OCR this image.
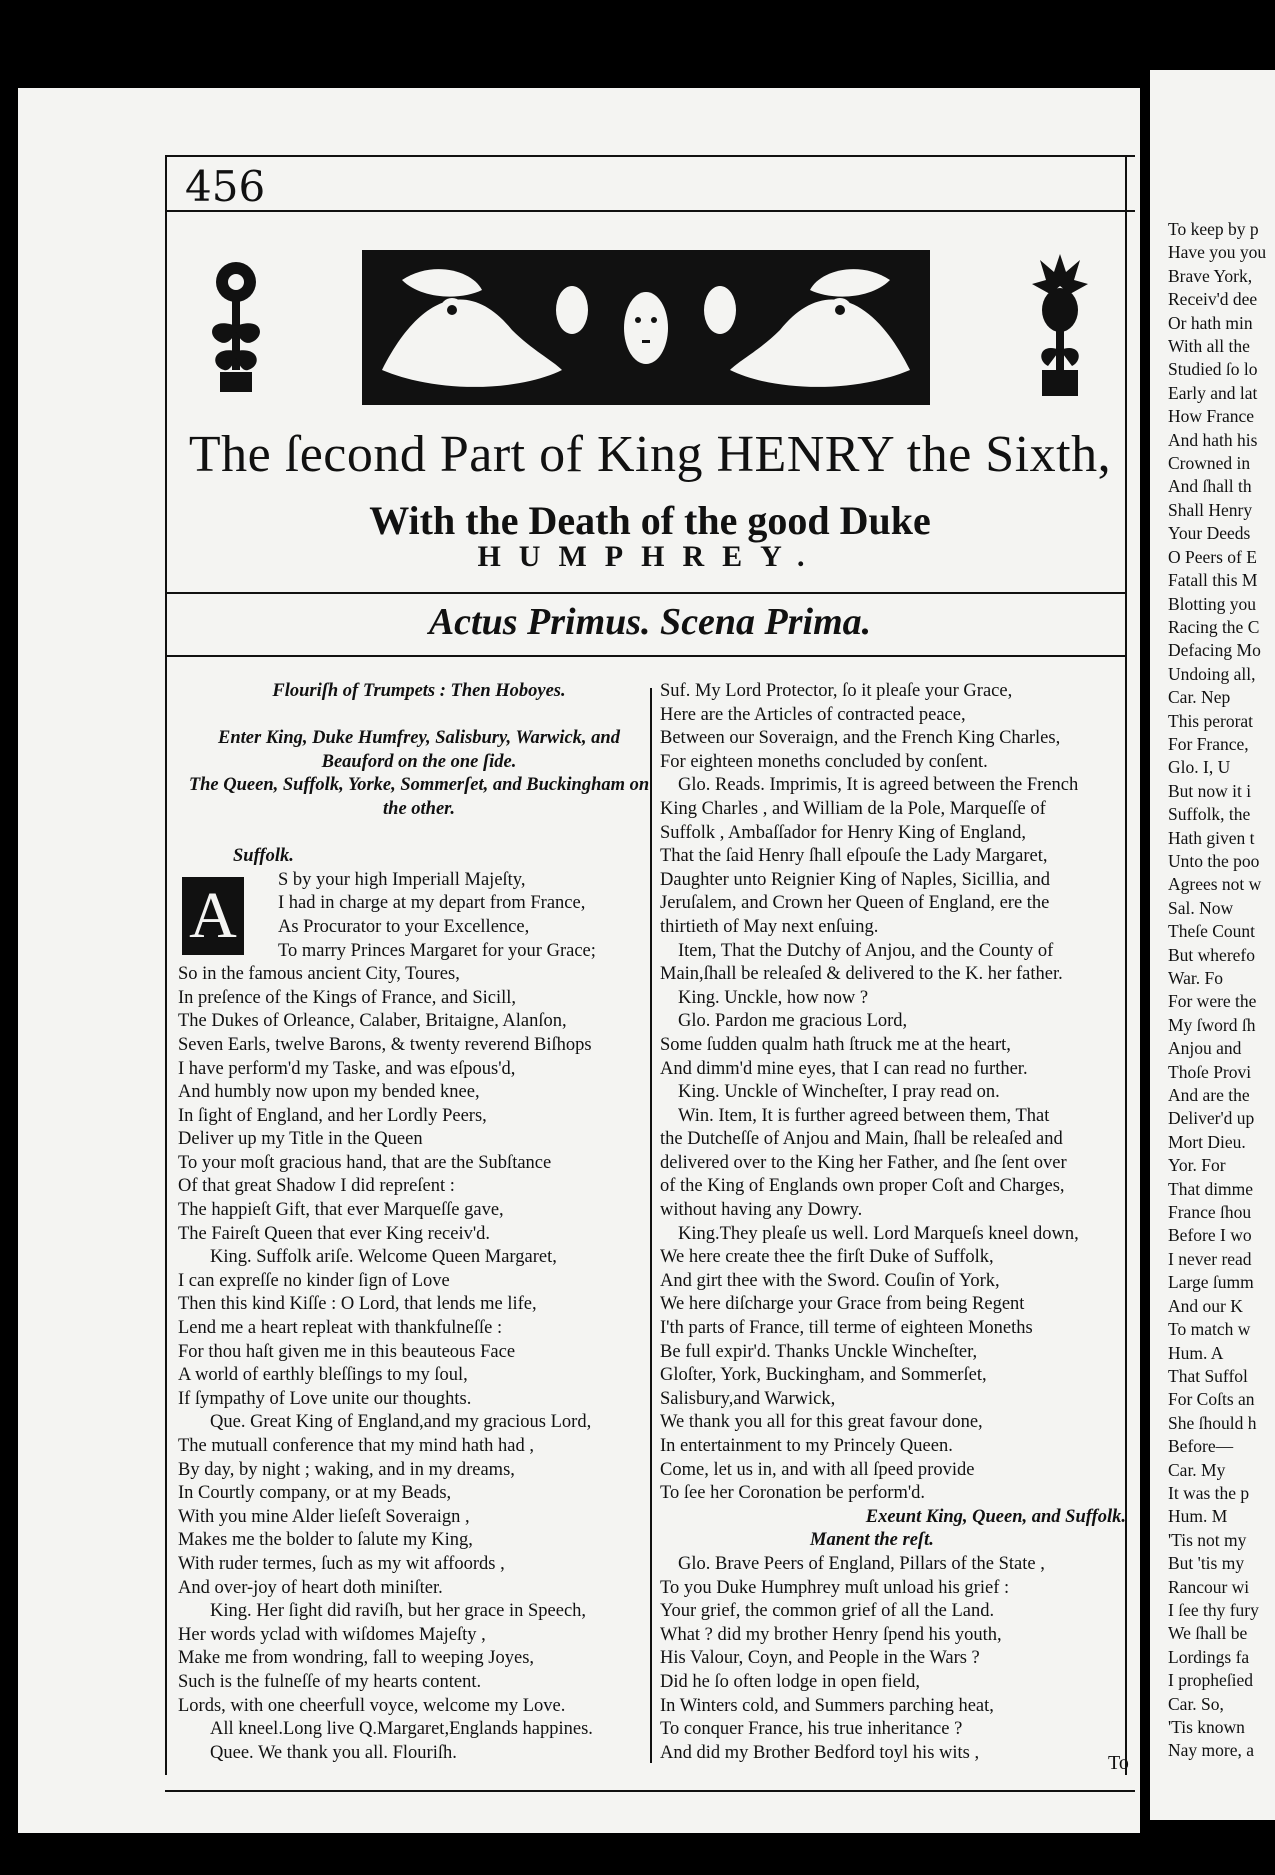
456
The ſecond Part of King HENRY the Sixth,
With the Death of the good Duke
HUMPHREY.
Actus Primus. Scena Prima.
Flouriſh of Trumpets : Then Hoboyes.

Enter King, Duke Humfrey, Salisbury, Warwick, and
Beauford on the one ſide.
The Queen, Suffolk, Yorke, Sommerſet, and Buckingham on the other.

Suffolk.
S by your high Imperiall Majeſty,
I had in charge at my depart from France,
As Procurator to your Excellence,
To marry Princes Margaret for your Grace;
So in the famous ancient City, Toures,
In preſence of the Kings of France, and Sicill,
The Dukes of Orleance, Calaber, Britaigne, Alanſon,
Seven Earls, twelve Barons, & twenty reverend Biſhops
I have perform'd my Taske, and was eſpous'd,
And humbly now upon my bended knee,
In ſight of England, and her Lordly Peers,
Deliver up my Title in the Queen
To your moſt gracious hand, that are the Subſtance
Of that great Shadow I did repreſent :
The happieſt Gift, that ever Marqueſſe gave,
The Faireſt Queen that ever King receiv'd.
King. Suffolk ariſe. Welcome Queen Margaret,
I can expreſſe no kinder ſign of Love
Then this kind Kiſſe : O Lord, that lends me life,
Lend me a heart repleat with thankfulneſſe :
For thou haſt given me in this beauteous Face
A world of earthly bleſſings to my ſoul,
If ſympathy of Love unite our thoughts.
Que. Great King of England,and my gracious Lord,
The mutuall conference that my mind hath had ,
By day, by night ; waking, and in my dreams,
In Courtly company, or at my Beads,
With you mine Alder lieſeſt Soveraign ,
Makes me the bolder to ſalute my King,
With ruder termes, ſuch as my wit affoords ,
And over-joy of heart doth miniſter.
King. Her ſight did raviſh, but her grace in Speech,
Her words yclad with wiſdomes Majeſty ,
Make me from wondring, fall to weeping Joyes,
Such is the fulneſſe of my hearts content.
Lords, with one cheerfull voyce, welcome my Love.
All kneel.Long live Q.Margaret,Englands happines.
Quee. We thank you all. Flouriſh.
A
Suf. My Lord Protector, ſo it pleaſe your Grace,
Here are the Articles of contracted peace,
Between our Soveraign, and the French King Charles,
For eighteen moneths concluded by conſent.
Glo. Reads. Imprimis, It is agreed between the French
King Charles , and William de la Pole, Marqueſſe of
Suffolk , Ambaſſador for Henry King of England,
That the ſaid Henry ſhall eſpouſe the Lady Margaret,
Daughter unto Reignier King of Naples, Sicillia, and
Jeruſalem, and Crown her Queen of England, ere the
thirtieth of May next enſuing.
Item, That the Dutchy of Anjou, and the County of
Main,ſhall be releaſed & delivered to the K. her father.
King. Unckle, how now ?
Glo. Pardon me gracious Lord,
Some ſudden qualm hath ſtruck me at the heart,
And dimm'd mine eyes, that I can read no further.
King. Unckle of Wincheſter, I pray read on.
Win. Item, It is further agreed between them, That
the Dutcheſſe of Anjou and Main, ſhall be releaſed and
delivered over to the King her Father, and ſhe ſent over
of the King of Englands own proper Coſt and Charges,
without having any Dowry.
King.They pleaſe us well. Lord Marqueſs kneel down,
We here create thee the firſt Duke of Suffolk,
And girt thee with the Sword. Couſin of York,
We here diſcharge your Grace from being Regent
I'th parts of France, till terme of eighteen Moneths
Be full expir'd. Thanks Unckle Wincheſter,
Gloſter, York, Buckingham, and Sommerſet,
Salisbury,and Warwick,
We thank you all for this great favour done,
In entertainment to my Princely Queen.
Come, let us in, and with all ſpeed provide
To ſee her Coronation be perform'd.
Exeunt King, Queen, and Suffolk.
Manent the reſt.
Glo. Brave Peers of England, Pillars of the State ,
To you Duke Humphrey muſt unload his grief :
Your grief, the common grief of all the Land.
What ? did my brother Henry ſpend his youth,
His Valour, Coyn, and People in the Wars ?
Did he ſo often lodge in open field,
In Winters cold, and Summers parching heat,
To conquer France, his true inheritance ?
And did my Brother Bedford toyl his wits ,	To
To keep by p
Have you you
Brave York,
Receiv'd dee
Or hath min
With all the
Studied ſo lo
Early and lat
How France
And hath his
Crowned in
And ſhall th
Shall Henry
Your Deeds
O Peers of E
Fatall this M
Blotting you
Racing the C
Defacing Mo
Undoing all,
Car. Nep
This perorat
For France,
Glo. I, U
But now it i
Suffolk, the
Hath given t
Unto the poo
Agrees not w
Sal. Now
Theſe Count
But wherefo
War. Fo
For were the
My ſword ſh
Anjou and
Thoſe Provi
And are the
Deliver'd up
Mort Dieu.
Yor. For
That dimme
France ſhou
Before I wo
I never read
Large ſumm
And our K
To match w
Hum. A
That Suffol
For Coſts an
She ſhould h
Before—
Car. My
It was the p
Hum. M
'Tis not my
But 'tis my
Rancour wi
I ſee thy fury
We ſhall be
Lordings fa
I propheſied
Car. So,
'Tis known
Nay more, a
